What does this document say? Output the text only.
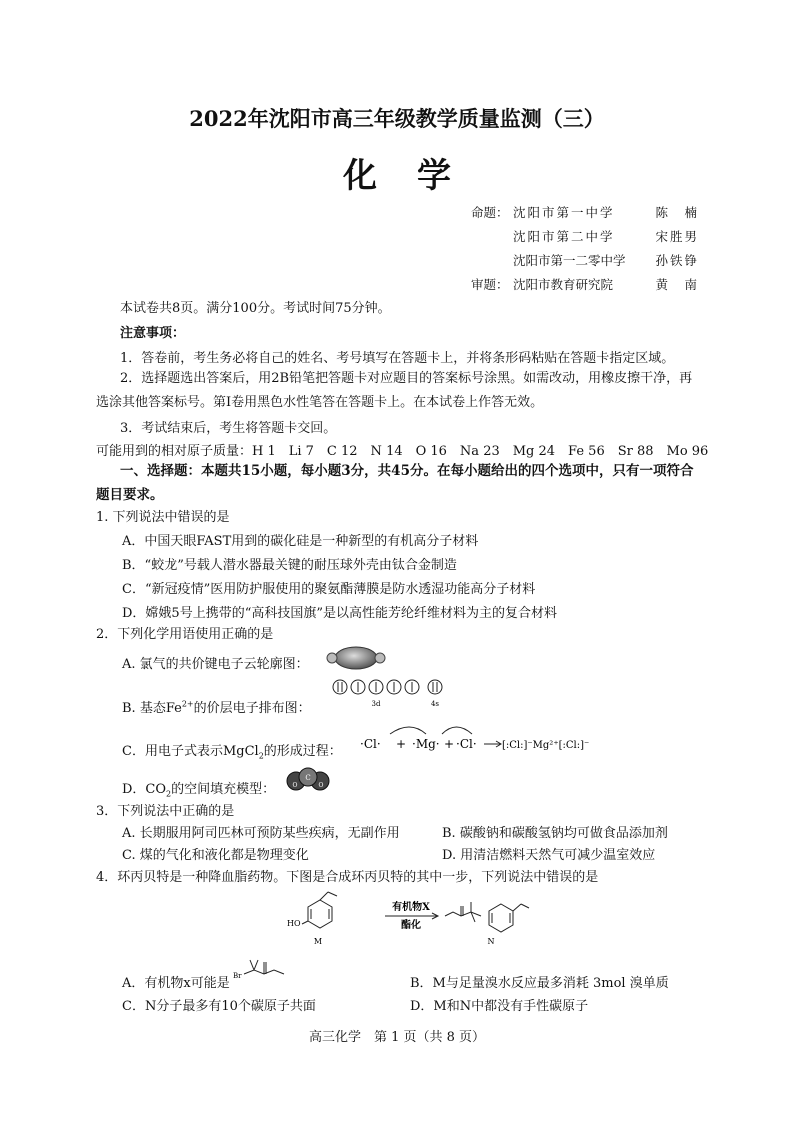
2022年沈阳市高三年级教学质量监测（三）
化学
命题： 沈阳市第一中学	陈　楠
沈阳市第二中学	宋胜男
沈阳市第一二零中学	孙铁铮
审题： 沈阳市教育研究院	黄　南
本试卷共8页。满分100分。考试时间75分钟。
注意事项：
1．答卷前，考生务必将自己的姓名、考号填写在答题卡上，并将条形码粘贴在答题卡指定区域。
2．选择题选出答案后，用2B铅笔把答题卡对应题目的答案标号涂黑。如需改动，用橡皮擦干净，再选涂其他答案标号。第Ⅰ卷用黑色水性笔答在答题卡上。在本试卷上作答无效。
3．考试结束后，考生将答题卡交回。
可能用到的相对原子质量：H 1　Li 7　C 12　N 14　O 16　Na 23　Mg 24　Fe 56　Sr 88　Mo 96
一、选择题：本题共15小题，每小题3分，共45分。在每小题给出的四个选项中，只有一项符合题目要求。
1. 下列说法中错误的是
A．中国天眼FAST用到的碳化硅是一种新型的有机高分子材料
B．“蛟龙”号载人潜水器最关键的耐压球外壳由钛合金制造
C．“新冠疫情”医用防护服使用的聚氨酯薄膜是防水透湿功能高分子材料
D．嫦娥5号上携带的“高科技国旗”是以高性能芳纶纤维材料为主的复合材料
2．下列化学用语使用正确的是
A. 氯气的共价键电子云轮廓图：
B. 基态$Fe^{2+}$的价层电子排布图：	3d	4s
C．用电子式表示MgCl$_2$的形成过程： ·Cl· + ·Mg· + ·Cl·	[:Cl:]⁻Mg²⁺[:Cl:]⁻
D．$CO_2$的空间填充模型：
C
O	O
3．下列说法中正确的是
A. 长期服用阿司匹林可预防某些疾病，无副作用	B. 碳酸钠和碳酸氢钠均可做食品添加剂
C. 煤的气化和液化都是物理变化	D. 用清洁燃料天然气可减少温室效应
4．环丙贝特是一种降血脂药物。下图是合成环丙贝特的其中一步，下列说法中错误的是
HO
有机物X
酯化
M	N
A．有机物x可能是 Br	B．M与足量溴水反应最多消耗 3mol 溴单质
C．N分子最多有10个碳原子共面	D．M和N中都没有手性碳原子
高三化学　第 1 页（共 8 页）
